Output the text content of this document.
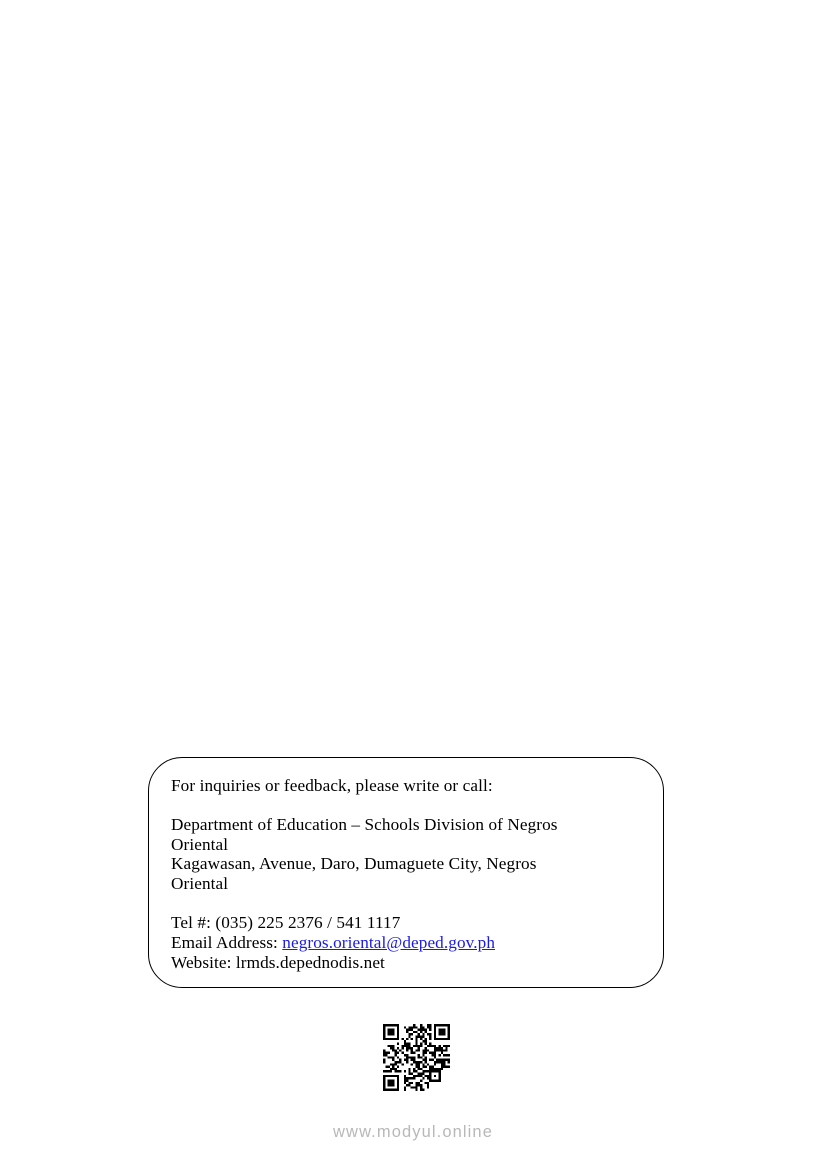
For inquiries or feedback, please write or call:
Department of Education – Schools Division of Negros
Oriental
Kagawasan, Avenue, Daro, Dumaguete City, Negros
Oriental
Tel #: (035) 225 2376 / 541 1117
Email Address: negros.oriental@deped.gov.ph
Website: lrmds.depednodis.net
www.modyul.online
